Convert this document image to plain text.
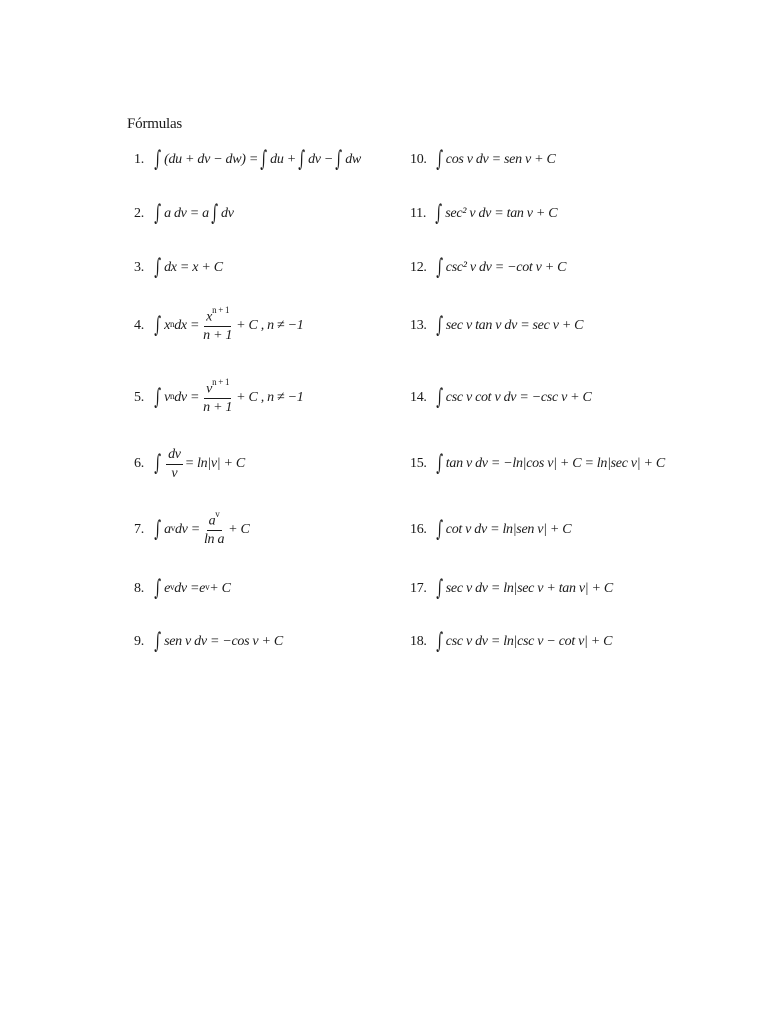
Fórmulas
1. ∫ (du + dv − dw) = ∫ du + ∫ dv − ∫ dw
2. ∫ a dv = a ∫ dv
3. ∫ dx = x + C
4. ∫ $x^n$ dx = $\frac{x^{n + 1}}{n + 1} + C$ , n ≠ −1
5. ∫ $v^n$ dv = $\frac{v^{n + 1}}{n + 1} + C$ , n ≠ −1
6. ∫ $\frac{dv}{v} = \ln|v| + C$
7. ∫ $a^v$ dv = $\frac{a^v}{\text{ln a}} + C$
8. ∫ $e^v$ dv = $e^v + C$
9. ∫ sen v dv = −cos v + C
10. ∫ cos v dv = sen v + C
11. ∫ sec² v dv = tan v + C
12. ∫ csc² v dv = −cot v + C
13. ∫ sec v tan v dv = sec v + C
14. ∫ csc v cot v dv = −csc v + C
15. ∫ tan v dv = −ln|cos v| + C = ln|sec v| + C
16. ∫ cot v dv = ln|sen v| + C
17. ∫ sec v dv = ln|sec v + tan v| + C
18. ∫ csc v dv = ln|csc v − cot v| + C
